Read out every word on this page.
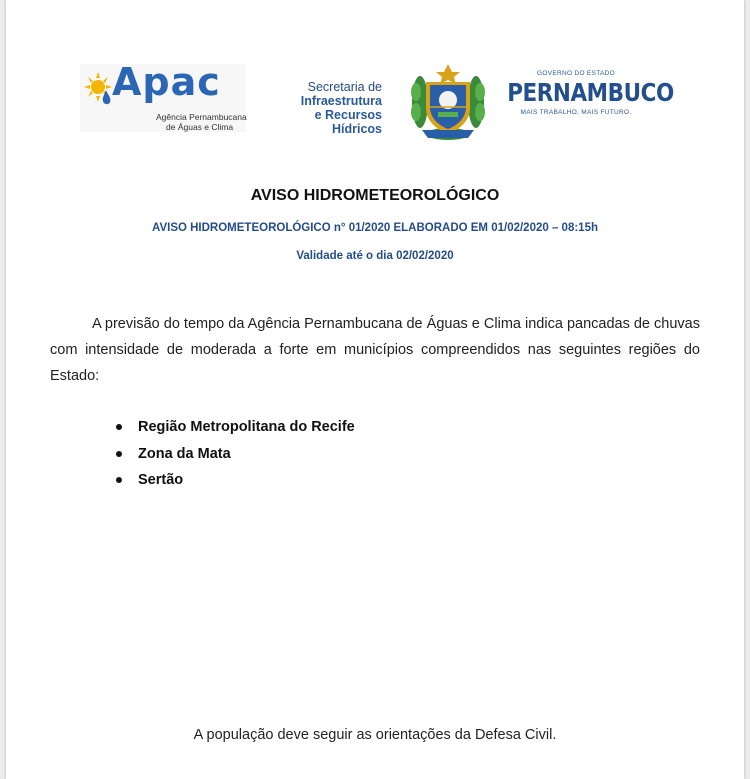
Apac
Agência Pernambucana
de Águas e Clima
Secretaria de
Infraestrutura
e Recursos Hídricos
GOVERNO DO ESTADO
PERNAMBUCO
MAIS TRABALHO, MAIS FUTURO.
AVISO HIDROMETEOROLÓGICO
AVISO HIDROMETEOROLÓGICO n° 01/2020 ELABORADO EM 01/02/2020 – 08:15h
Validade até o dia 02/02/2020
A previsão do tempo da Agência Pernambucana de Águas e Clima indica pancadas de chuvas com intensidade de moderada a forte em municípios compreendidos nas seguintes regiões do Estado:
Região Metropolitana do Recife
Zona da Mata
Sertão
A população deve seguir as orientações da Defesa Civil.
